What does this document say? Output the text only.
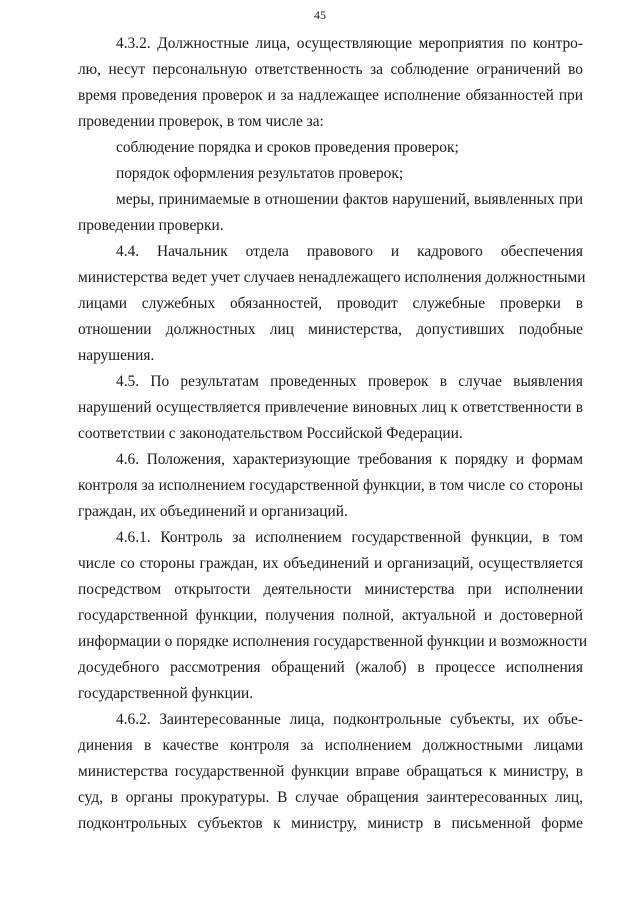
45
4.3.2. Должностные лица, осуществляющие мероприятия по контро-
лю, несут персональную ответственность за соблюдение ограничений во
время проведения проверок и за надлежащее исполнение обязанностей при
проведении проверок, в том числе за:
соблюдение порядка и сроков проведения проверок;
порядок оформления результатов проверок;
меры, принимаемые в отношении фактов нарушений, выявленных при
проведении проверки.
4.4. Начальник отдела правового и кадрового обеспечения
министерства ведет учет случаев ненадлежащего исполнения должностными
лицами служебных обязанностей, проводит служебные проверки в
отношении должностных лиц министерства, допустивших подобные
нарушения.
4.5. По результатам проведенных проверок в случае выявления
нарушений осуществляется привлечение виновных лиц к ответственности в
соответствии с законодательством Российской Федерации.
4.6. Положения, характеризующие требования к порядку и формам
контроля за исполнением государственной функции, в том числе со стороны
граждан, их объединений и организаций.
4.6.1. Контроль за исполнением государственной функции, в том
числе со стороны граждан, их объединений и организаций, осуществляется
посредством открытости деятельности министерства при исполнении
государственной функции, получения полной, актуальной и достоверной
информации о порядке исполнения государственной функции и возможности
досудебного рассмотрения обращений (жалоб) в процессе исполнения
государственной функции.
4.6.2. Заинтересованные лица, подконтрольные субъекты, их объе-
динения в качестве контроля за исполнением должностными лицами
министерства государственной функции вправе обращаться к министру, в
суд, в органы прокуратуры. В случае обращения заинтересованных лиц,
подконтрольных субъектов к министру, министр в письменной форме
